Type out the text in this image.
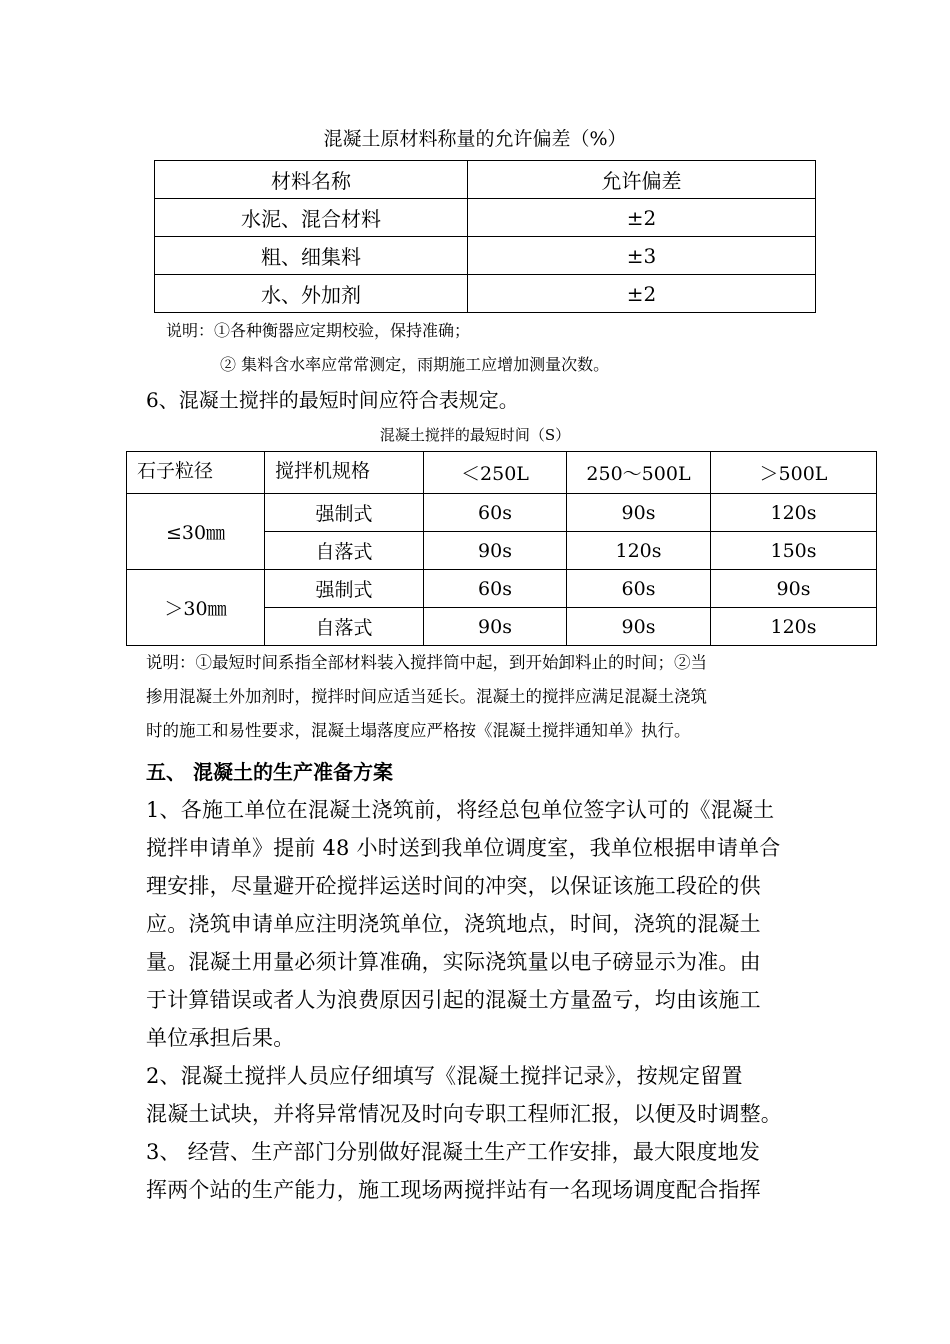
混凝土原材料称量的允许偏差（%）
材料名称	允许偏差
水泥、混合材料	±2
粗、细集料	±3
水、外加剂	±2
说明：①各种衡器应定期校验，保持准确；
② 集料含水率应常常测定，雨期施工应增加测量次数。
6、混凝土搅拌的最短时间应符合表规定。
混凝土搅拌的最短时间（S）
石子粒径	搅拌机规格	＜250L	250～500L	＞500L
≤30㎜	强制式	60s	90s	120s
	自落式	90s	120s	150s
＞30㎜	强制式	60s	60s	90s
	自落式	90s	90s	120s
说明：①最短时间系指全部材料装入搅拌筒中起，到开始卸料止的时间；②当
掺用混凝土外加剂时，搅拌时间应适当延长。混凝土的搅拌应满足混凝土浇筑
时的施工和易性要求，混凝土塌落度应严格按《混凝土搅拌通知单》执行。
五、 混凝土的生产准备方案
1、各施工单位在混凝土浇筑前，将经总包单位签字认可的《混凝土
搅拌申请单》提前 48 小时送到我单位调度室，我单位根据申请单合
理安排，尽量避开砼搅拌运送时间的冲突，以保证该施工段砼的供
应。浇筑申请单应注明浇筑单位，浇筑地点，时间，浇筑的混凝土
量。混凝土用量必须计算准确，实际浇筑量以电子磅显示为准。由
于计算错误或者人为浪费原因引起的混凝土方量盈亏，均由该施工
单位承担后果。
2、混凝土搅拌人员应仔细填写《混凝土搅拌记录》，按规定留置
混凝土试块，并将异常情况及时向专职工程师汇报，以便及时调整。
3、 经营、生产部门分别做好混凝土生产工作安排，最大限度地发
挥两个站的生产能力，施工现场两搅拌站有一名现场调度配合指挥
